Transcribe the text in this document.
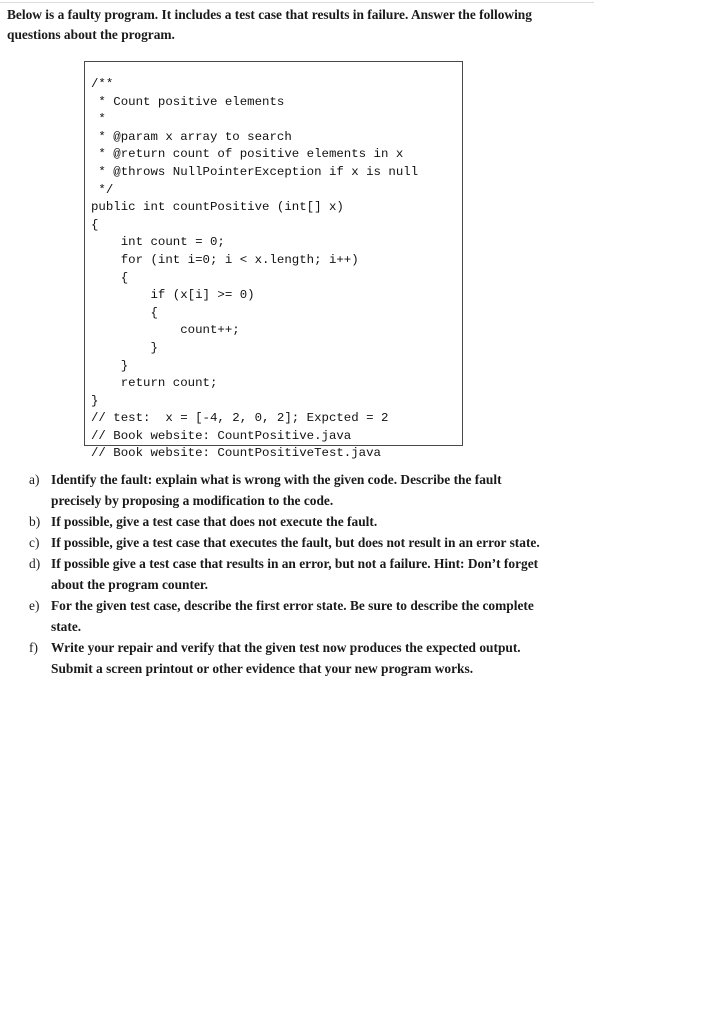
Below is a faulty program. It includes a test case that results in failure. Answer the following questions about the program.

/**
* Count positive elements
*
* @param x array to search
* @return count of positive elements in x
* @throws NullPointerException if x is null
*/
public int countPositive (int[] x)
{
int count = 0;
for (int i=0; i < x.length; i++)
{
if (x[i] >= 0)
{
count++;
}
}
return count;
}
// test:  x = [-4, 2, 0, 2]; Expcted = 2
// Book website: CountPositive.java
// Book website: CountPositiveTest.java
a) Identify the fault: explain what is wrong with the given code. Describe the fault precisely by proposing a modification to the code.
b) If possible, give a test case that does not execute the fault.
c) If possible, give a test case that executes the fault, but does not result in an error state.
d) If possible give a test case that results in an error, but not a failure. Hint: Don’t forget about the program counter.
e) For the given test case, describe the first error state. Be sure to describe the complete state.
f) Write your repair and verify that the given test now produces the expected output. Submit a screen printout or other evidence that your new program works.
